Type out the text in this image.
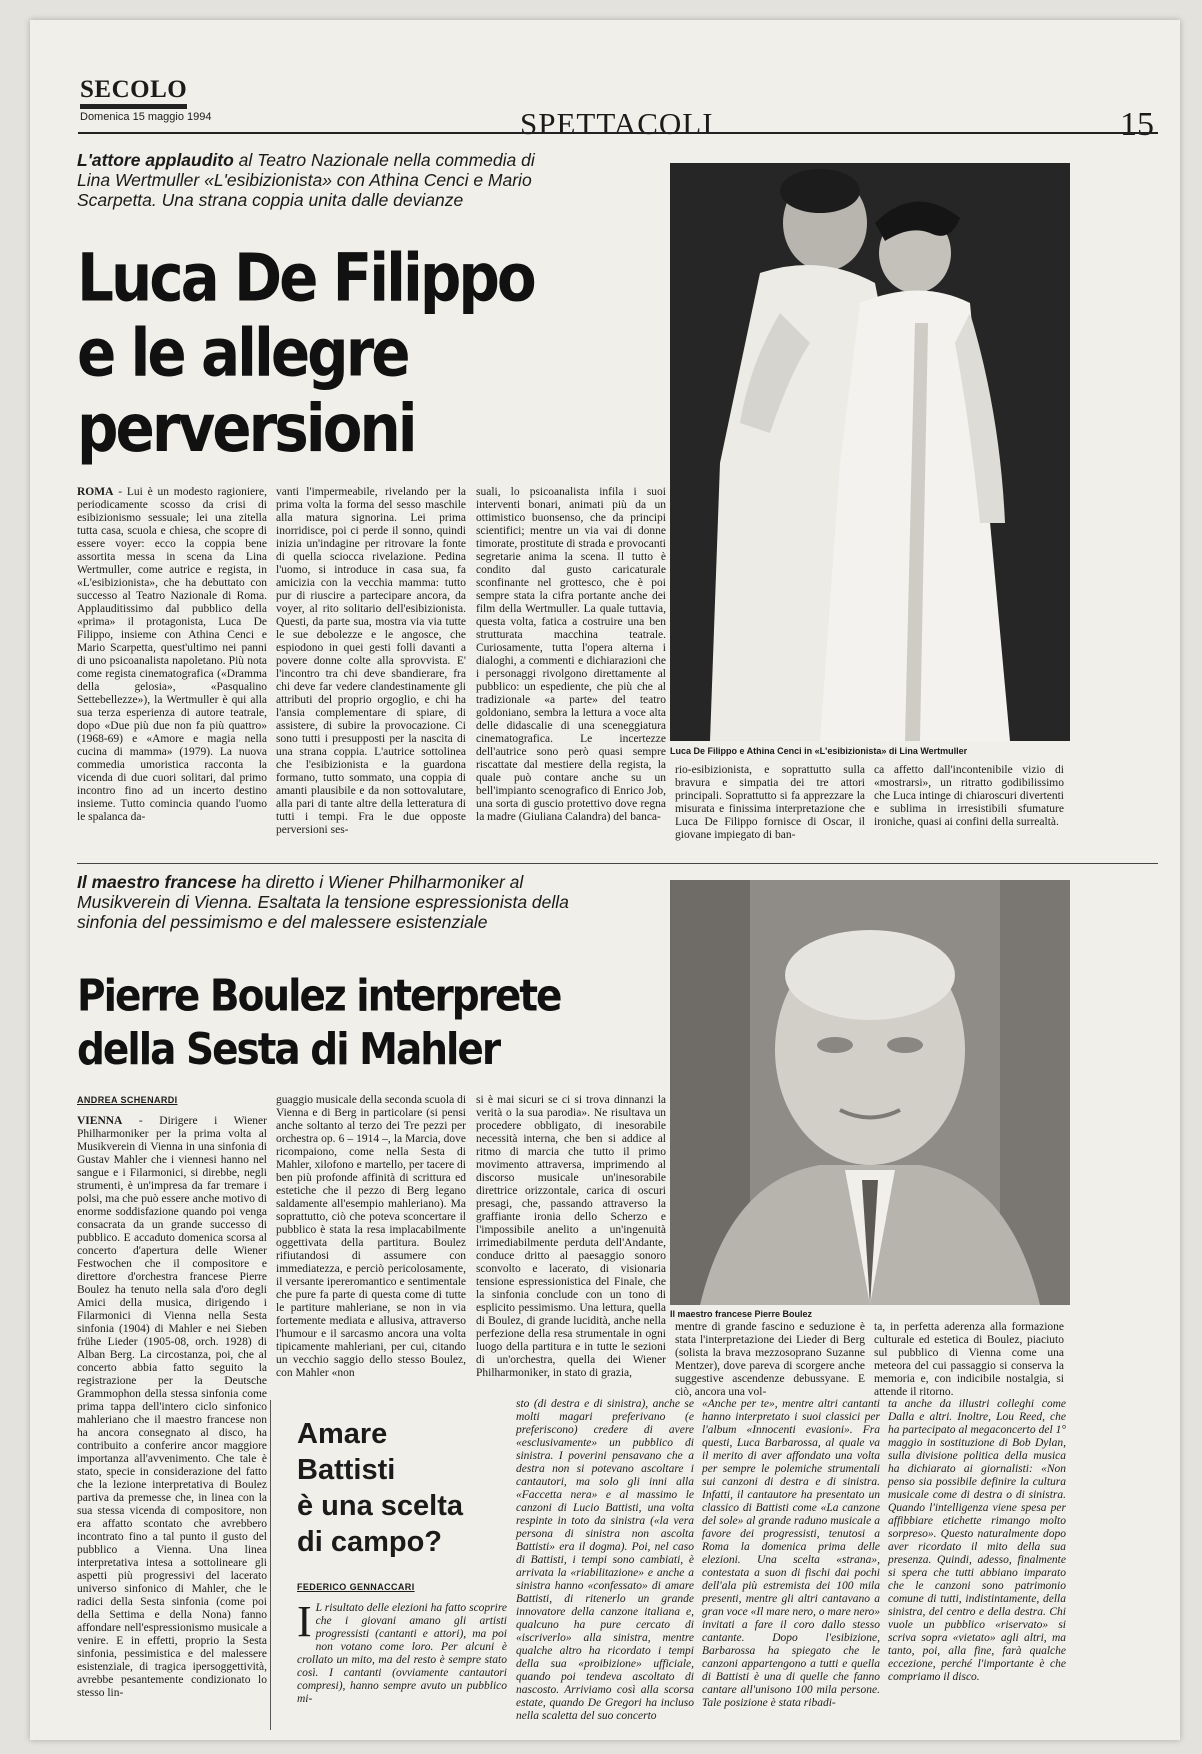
SECOLO
Domenica 15 maggio 1994	SPETTACOLI	15
L'attore applaudito al Teatro Nazionale nella commedia di Lina Wertmuller «L'esibizionista» con Athina Cenci e Mario Scarpetta. Una strana coppia unita dalle devianze
Luca De Filippo
e le allegre
perversioni
ROMA - Lui è un modesto ragioniere, periodicamente scosso da crisi di esibizionismo sessuale; lei una zitella tutta casa, scuola e chiesa, che scopre di essere voyer: ecco la coppia bene assortita messa in scena da Lina Wertmuller, come autrice e regista, in «L'esibizionista», che ha debuttato con successo al Teatro Nazionale di Roma. Applauditissimo dal pubblico della «prima» il protagonista, Luca De Filippo, insieme con Athina Cenci e Mario Scarpetta, quest'ultimo nei panni di uno psicoanalista napoletano. Più nota come regista cinematografica («Dramma della gelosia», «Pasqualino Settebellezze»), la Wertmuller è qui alla sua terza esperienza di autore teatrale, dopo «Due più due non fa più quattro» (1968-69) e «Amore e magia nella cucina di mamma» (1979). La nuova commedia umoristica racconta la vicenda di due cuori solitari, dal primo incontro fino ad un incerto destino insieme. Tutto comincia quando l'uomo le spalanca da-
vanti l'impermeabile, rivelando per la prima volta la forma del sesso maschile alla matura signorina. Lei prima inorridisce, poi ci perde il sonno, quindi inizia un'indagine per ritrovare la fonte di quella sciocca rivelazione. Pedina l'uomo, si introduce in casa sua, fa amicizia con la vecchia mamma: tutto pur di riuscire a partecipare ancora, da voyer, al rito solitario dell'esibizionista. Questi, da parte sua, mostra via via tutte le sue debolezze e le angosce, che espiodono in quei gesti folli davanti a povere donne colte alla sprovvista. E' l'incontro tra chi deve sbandierare, fra chi deve far vedere clandestinamente gli attributi del proprio orgoglio, e chi ha l'ansia complementare di spiare, di assistere, di subire la provocazione. Ci sono tutti i presupposti per la nascita di una strana coppia. L'autrice sottolinea che l'esibizionista e la guardona formano, tutto sommato, una coppia di amanti plausibile e da non sottovalutare, alla pari di tante altre della letteratura di tutti i tempi. Fra le due opposte perversioni ses-
suali, lo psicoanalista infila i suoi interventi bonari, animati più da un ottimistico buonsenso, che da principi scientifici; mentre un via vai di donne timorate, prostitute di strada e provocanti segretarie anima la scena. Il tutto è condito dal gusto caricaturale sconfinante nel grottesco, che è poi sempre stata la cifra portante anche dei film della Wertmuller. La quale tuttavia, questa volta, fatica a costruire una ben strutturata macchina teatrale. Curiosamente, tutta l'opera alterna i dialoghi, a commenti e dichiarazioni che i personaggi rivolgono direttamente al pubblico: un espediente, che più che al tradizionale «a parte» del teatro goldoniano, sembra la lettura a voce alta delle didascalie di una sceneggiatura cinematografica. Le incertezze dell'autrice sono però quasi sempre riscattate dal mestiere della regista, la quale può contare anche su un bell'impianto scenografico di Enrico Job, una sorta di guscio protettivo dove regna la madre (Giuliana Calandra) del banca-
rio-esibizionista, e soprattutto sulla bravura e simpatia dei tre attori principali. Soprattutto si fa apprezzare la misurata e finissima interpretazione che Luca De Filippo fornisce di Oscar, il giovane impiegato di ban-
ca affetto dall'incontenibile vizio di «mostrarsi», un ritratto godibilissimo che Luca intinge di chiaroscuri divertenti e sublima in irresistibili sfumature ironiche, quasi ai confini della surrealtà.
Luca De Filippo e Athina Cenci in «L'esibizionista» di Lina Wertmuller
Il maestro francese ha diretto i Wiener Philharmoniker al Musikverein di Vienna. Esaltata la tensione espressionista della sinfonia del pessimismo e del malessere esistenziale
Pierre Boulez interprete
della Sesta di Mahler
ANDREA SCHENARDI
VIENNA - Dirigere i Wiener Philharmoniker per la prima volta al Musikverein di Vienna in una sinfonia di Gustav Mahler che i viennesi hanno nel sangue e i Filarmonici, si direbbe, negli strumenti, è un'impresa da far tremare i polsi, ma che può essere anche motivo di enorme soddisfazione quando poi venga consacrata da un grande successo di pubblico. E accaduto domenica scorsa al concerto d'apertura delle Wiener Festwochen che il compositore e direttore d'orchestra francese Pierre Boulez ha tenuto nella sala d'oro degli Amici della musica, dirigendo i Filarmonici di Vienna nella Sesta sinfonia (1904) di Mahler e nei Sieben frühe Lieder (1905-08, orch. 1928) di Alban Berg. La circostanza, poi, che al concerto abbia fatto seguito la registrazione per la Deutsche Grammophon della stessa sinfonia come prima tappa dell'intero ciclo sinfonico mahleriano che il maestro francese non ha ancora consegnato al disco, ha contribuito a conferire ancor maggiore importanza all'avvenimento. Che tale è stato, specie in considerazione del fatto che la lezione interpretativa di Boulez partiva da premesse che, in linea con la sua stessa vicenda di compositore, non era affatto scontato che avrebbero incontrato fino a tal punto il gusto del pubblico a Vienna. Una linea interpretativa intesa a sottolineare gli aspetti più progressivi del lacerato universo sinfonico di Mahler, che le radici della Sesta sinfonia (come poi della Settima e della Nona) fanno affondare nell'espressionismo musicale a venire. E in effetti, proprio la Sesta sinfonia, pessimistica e del malessere esistenziale, di tragica ipersoggettività, avrebbe pesantemente condizionato lo stesso lin-
guaggio musicale della seconda scuola di Vienna e di Berg in particolare (si pensi anche soltanto al terzo dei Tre pezzi per orchestra op. 6 – 1914 –, la Marcia, dove ricompaiono, come nella Sesta di Mahler, xilofono e martello, per tacere di ben più profonde affinità di scrittura ed estetiche che il pezzo di Berg legano saldamente all'esempio mahleriano). Ma soprattutto, ciò che poteva sconcertare il pubblico è stata la resa implacabilmente oggettivata della partitura. Boulez rifiutandosi di assumere con immediatezza, e perciò pericolosamente, il versante ipereromantico e sentimentale che pure fa parte di questa come di tutte le partiture mahleriane, se non in via fortemente mediata e allusiva, attraverso l'humour e il sarcasmo ancora una volta tipicamente mahleriani, per cui, citando un vecchio saggio dello stesso Boulez, con Mahler «non
si è mai sicuri se ci si trova dinnanzi la verità o la sua parodia». Ne risultava un procedere obbligato, di inesorabile necessità interna, che ben si addice al ritmo di marcia che tutto il primo movimento attraversa, imprimendo al discorso musicale un'inesorabile direttrice orizzontale, carica di oscuri presagi, che, passando attraverso la graffiante ironia dello Scherzo e l'impossibile anelito a un'ingenuità irrimediabilmente perduta dell'Andante, conduce dritto al paesaggio sonoro sconvolto e lacerato, di visionaria tensione espressionistica del Finale, che la sinfonia conclude con un tono di esplicito pessimismo. Una lettura, quella di Boulez, di grande lucidità, anche nella perfezione della resa strumentale in ogni luogo della partitura e in tutte le sezioni di un'orchestra, quella dei Wiener Philharmoniker, in stato di grazia,
mentre di grande fascino e seduzione è stata l'interpretazione dei Lieder di Berg (solista la brava mezzosoprano Suzanne Mentzer), dove pareva di scorgere anche suggestive ascendenze debussyane. E ciò, ancora una vol-
ta, in perfetta aderenza alla formazione culturale ed estetica di Boulez, piaciuto sul pubblico di Vienna come una meteora del cui passaggio si conserva la memoria e, con indicibile nostalgia, si attende il ritorno.
Il maestro francese Pierre Boulez
Amare
Battisti
è una scelta
di campo?
FEDERICO GENNACCARI
I L risultato delle elezioni ha fatto scoprire che i giovani amano gli artisti progressisti (cantanti e attori), ma poi non votano come loro. Per alcuni è crollato un mito, ma del resto è sempre stato così. I cantanti (ovviamente cantautori compresi), hanno sempre avuto un pubblico mi-
sto (di destra e di sinistra), anche se molti magari preferivano (e preferiscono) credere di avere «esclusivamente» un pubblico di sinistra. I poverini pensavano che a destra non si potevano ascoltare i cantautori, ma solo gli inni alla «Faccetta nera» e al massimo le canzoni di Lucio Battisti, una volta respinte in toto da sinistra («la vera persona di sinistra non ascolta Battisti» era il dogma). Poi, nel caso di Battisti, i tempi sono cambiati, è arrivata la «riabilitazione» e anche a sinistra hanno «confessato» di amare Battisti, di ritenerlo un grande innovatore della canzone italiana e, qualcuno ha pure cercato di «iscriverlo» alla sinistra, mentre qualche altro ha ricordato i tempi della sua «proibizione» ufficiale, quando poi tendeva ascoltato di nascosto. Arriviamo così alla scorsa estate, quando De Gregori ha incluso nella scaletta del suo concerto
«Anche per te», mentre altri cantanti hanno interpretato i suoi classici per l'album «Innocenti evasioni». Fra questi, Luca Barbarossa, al quale va il merito di aver affondato una volta per sempre le polemiche strumentali sui canzoni di destra e di sinistra. Infatti, il cantautore ha presentato un classico di Battisti come «La canzone del sole» al grande raduno musicale a favore dei progressisti, tenutosi a Roma la domenica prima delle elezioni. Una scelta «strana», contestata a suon di fischi dai pochi dell'ala più estremista dei 100 mila presenti, mentre gli altri cantavano a gran voce «Il mare nero, o mare nero» invitati a fare il coro dallo stesso cantante. Dopo l'esibizione, Barbarossa ha spiegato che le canzoni appartengono a tutti e quella di Battisti è una di quelle che fanno cantare all'unisono 100 mila persone. Tale posizione è stata ribadi-
ta anche da illustri colleghi come Dalla e altri. Inoltre, Lou Reed, che ha partecipato al megaconcerto del 1° maggio in sostituzione di Bob Dylan, sulla divisione politica della musica ha dichiarato ai giornalisti: «Non penso sia possibile definire la cultura musicale come di destra o di sinistra. Quando l'intelligenza viene spesa per affibbiare etichette rimango molto sorpreso». Questo naturalmente dopo aver ricordato il mito della sua presenza. Quindi, adesso, finalmente si spera che tutti abbiano imparato che le canzoni sono patrimonio comune di tutti, indistintamente, della sinistra, del centro e della destra. Chi vuole un pubblico «riservato» si scriva sopra «vietato» agli altri, ma tanto, poi, alla fine, farà qualche eccezione, perché l'importante è che compriamo il disco.
